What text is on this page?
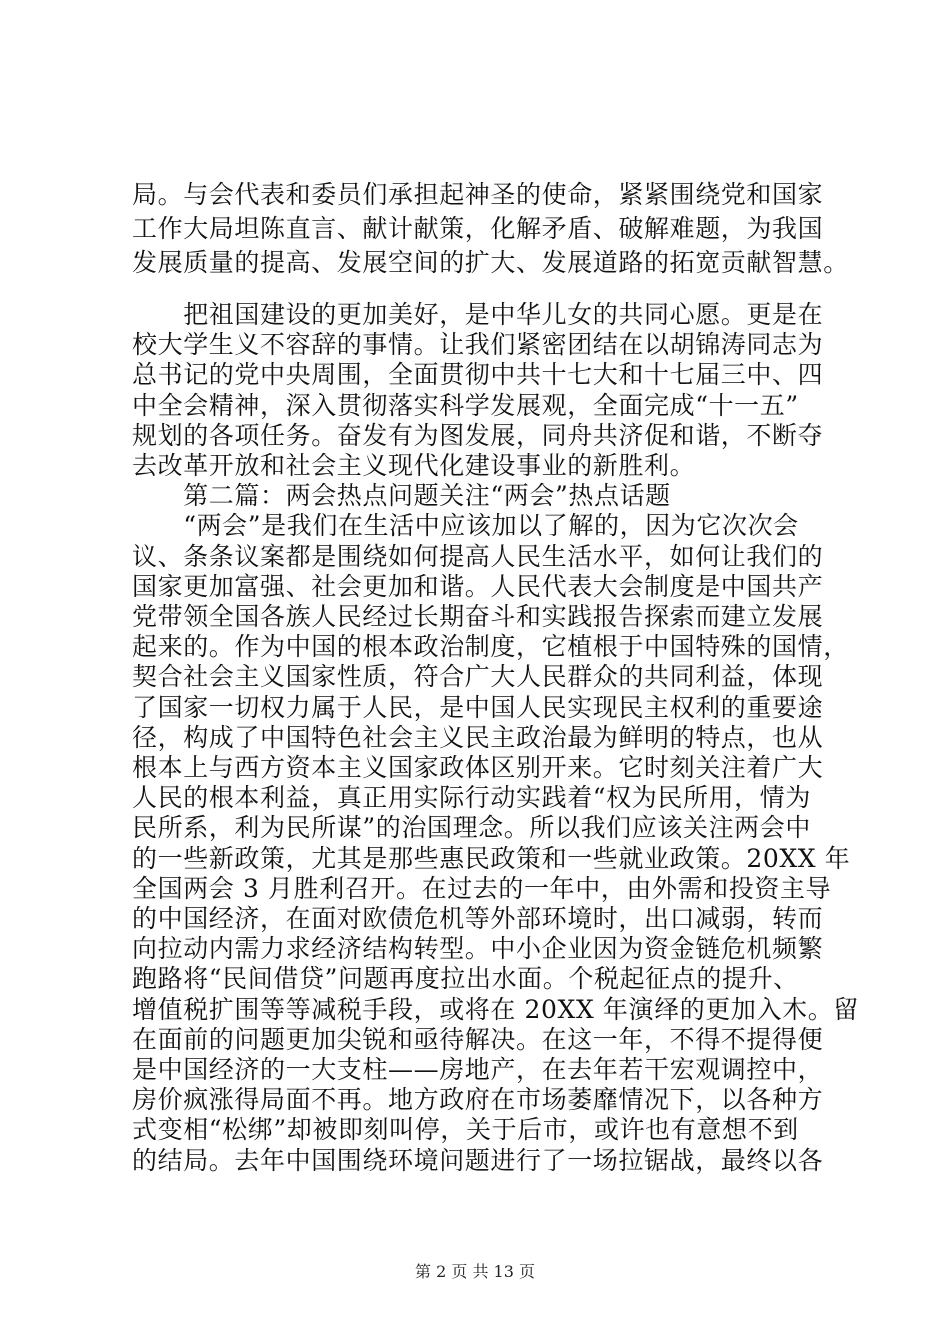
局。与会代表和委员们承担起神圣的使命，紧紧围绕党和国家
工作大局坦陈直言、献计献策，化解矛盾、破解难题，为我国
发展质量的提高、发展空间的扩大、发展道路的拓宽贡献智慧。
　　把祖国建设的更加美好，是中华儿女的共同心愿。更是在
校大学生义不容辞的事情。让我们紧密团结在以胡锦涛同志为
总书记的党中央周围，全面贯彻中共十七大和十七届三中、四
中全会精神，深入贯彻落实科学发展观，全面完成“十一五”
规划的各项任务。奋发有为图发展，同舟共济促和谐，不断夺
去改革开放和社会主义现代化建设事业的新胜利。
　　第二篇：两会热点问题关注“两会”热点话题
　　“两会”是我们在生活中应该加以了解的，因为它次次会
议、条条议案都是围绕如何提高人民生活水平，如何让我们的
国家更加富强、社会更加和谐。人民代表大会制度是中国共产
党带领全国各族人民经过长期奋斗和实践报告探索而建立发展
起来的。作为中国的根本政治制度，它植根于中国特殊的国情，
契合社会主义国家性质，符合广大人民群众的共同利益，体现
了国家一切权力属于人民，是中国人民实现民主权利的重要途
径，构成了中国特色社会主义民主政治最为鲜明的特点，也从
根本上与西方资本主义国家政体区别开来。它时刻关注着广大
人民的根本利益，真正用实际行动实践着“权为民所用，情为
民所系，利为民所谋”的治国理念。所以我们应该关注两会中
的一些新政策，尤其是那些惠民政策和一些就业政策。20XX 年
全国两会 3 月胜利召开。在过去的一年中，由外需和投资主导
的中国经济，在面对欧债危机等外部环境时，出口减弱，转而
向拉动内需力求经济结构转型。中小企业因为资金链危机频繁
跑路将“民间借贷”问题再度拉出水面。个税起征点的提升、
增值税扩围等等减税手段，或将在 20XX 年演绎的更加入木。留
在面前的问题更加尖锐和亟待解决。在这一年，不得不提得便
是中国经济的一大支柱——房地产，在去年若干宏观调控中，
房价疯涨得局面不再。地方政府在市场萎靡情况下，以各种方
式变相“松绑”却被即刻叫停，关于后市，或许也有意想不到
的结局。去年中国围绕环境问题进行了一场拉锯战，最终以各
第 2 页 共 13 页
